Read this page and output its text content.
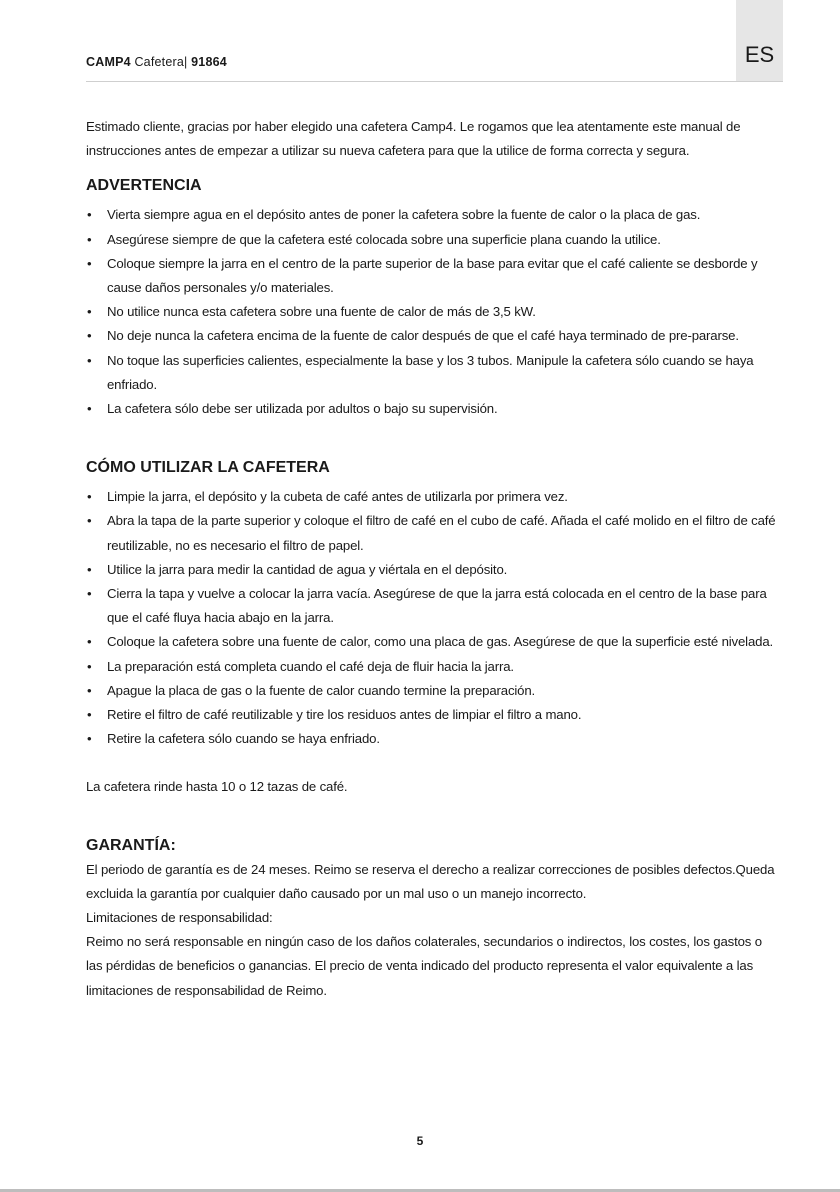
ES
CAMP4 Cafetera| 91864

Estimado cliente, gracias por haber elegido una cafetera Camp4. Le rogamos que lea atentamente este manual de instrucciones antes de empezar a utilizar su nueva cafetera para que la utilice de forma correcta y segura.

ADVERTENCIA
• Vierta siempre agua en el depósito antes de poner la cafetera sobre la fuente de calor o la placa de gas.
• Asegúrese siempre de que la cafetera esté colocada sobre una superficie plana cuando la utilice.
• Coloque siempre la jarra en el centro de la parte superior de la base para evitar que el café caliente se desborde y cause daños personales y/o materiales.
• No utilice nunca esta cafetera sobre una fuente de calor de más de 3,5 kW.
• No deje nunca la cafetera encima de la fuente de calor después de que el café haya terminado de pre-pararse.
• No toque las superficies calientes, especialmente la base y los 3 tubos. Manipule la cafetera sólo cuando se haya enfriado.
• La cafetera sólo debe ser utilizada por adultos o bajo su supervisión.
CÓMO UTILIZAR LA CAFETERA
• Limpie la jarra, el depósito y la cubeta de café antes de utilizarla por primera vez.
• Abra la tapa de la parte superior y coloque el filtro de café en el cubo de café. Añada el café molido en el filtro de café reutilizable, no es necesario el filtro de papel.
• Utilice la jarra para medir la cantidad de agua y viértala en el depósito.
• Cierra la tapa y vuelve a colocar la jarra vacía. Asegúrese de que la jarra está colocada en el centro de la base para que el café fluya hacia abajo en la jarra.
• Coloque la cafetera sobre una fuente de calor, como una placa de gas. Asegúrese de que la superficie esté nivelada.
• La preparación está completa cuando el café deja de fluir hacia la jarra.
• Apague la placa de gas o la fuente de calor cuando termine la preparación.
• Retire el filtro de café reutilizable y tire los residuos antes de limpiar el filtro a mano.
• Retire la cafetera sólo cuando se haya enfriado.

La cafetera rinde hasta 10 o 12 tazas de café.

GARANTÍA:

El periodo de garantía es de 24 meses. Reimo se reserva el derecho a realizar correcciones de posibles defectos.Queda excluida la garantía por cualquier daño causado por un mal uso o un manejo incorrecto.

Limitaciones de responsabilidad:

Reimo no será responsable en ningún caso de los daños colaterales, secundarios o indirectos, los costes, los gastos o las pérdidas de beneficios o ganancias. El precio de venta indicado del producto representa el valor equivalente a las limitaciones de responsabilidad de Reimo.

5
